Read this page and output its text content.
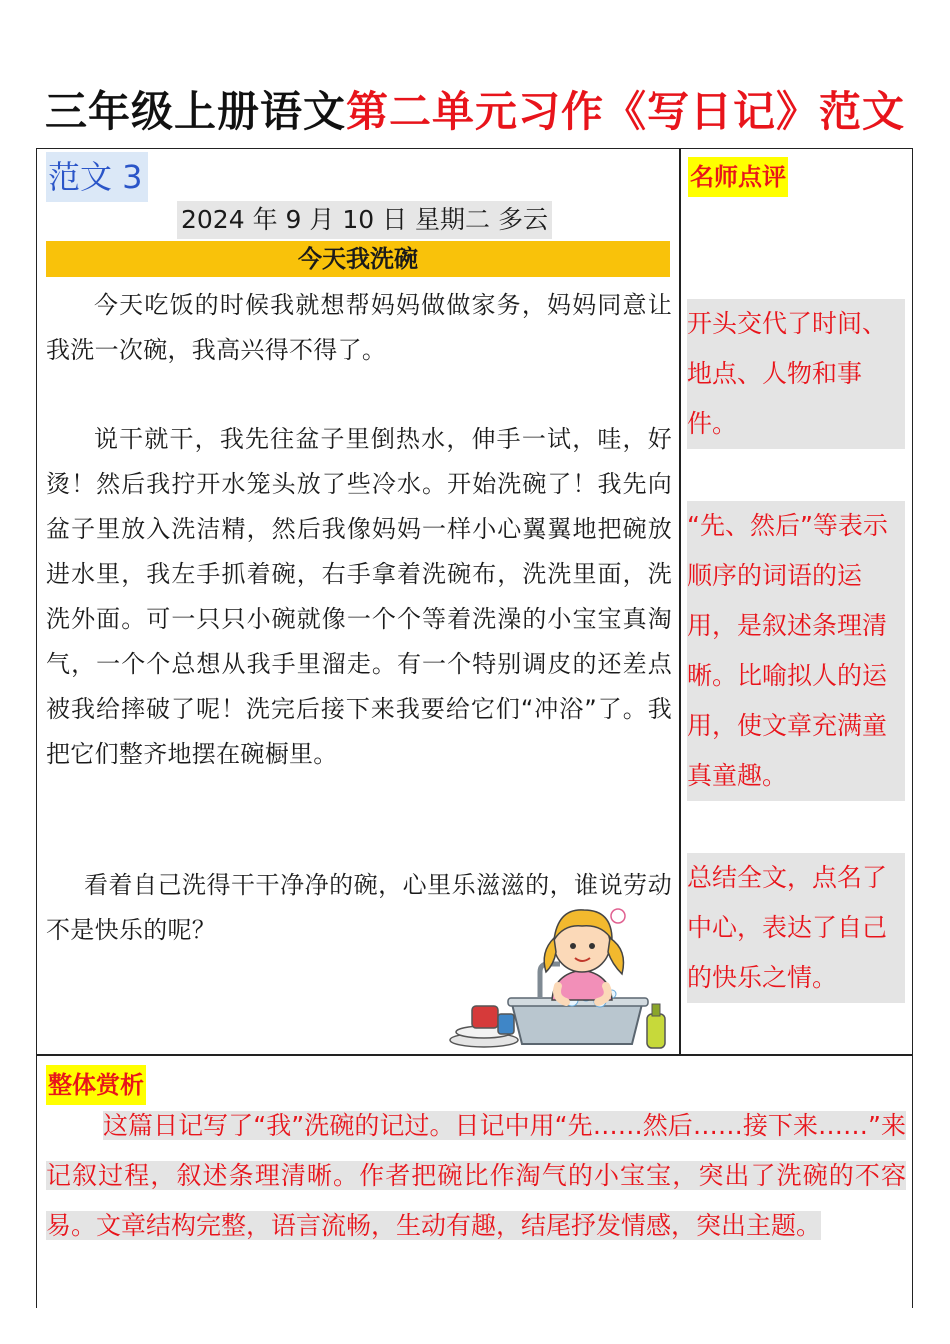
三年级上册语文第二单元习作《写日记》范文
范文 3
2024 年 9 月 10 日 星期二 多云
今天我洗碗

今天吃饭的时候我就想帮妈妈做做家务，妈妈同意让我洗一次碗，我高兴得不得了。

说干就干，我先往盆子里倒热水，伸手一试，哇，好烫！然后我拧开水笼头放了些冷水。开始洗碗了！我先向盆子里放入洗洁精，然后我像妈妈一样小心翼翼地把碗放进水里，我左手抓着碗，右手拿着洗碗布，洗洗里面，洗洗外面。可一只只小碗就像一个个等着洗澡的小宝宝真淘气，一个个总想从我手里溜走。有一个特别调皮的还差点被我给摔破了呢！洗完后接下来我要给它们“冲浴”了。我把它们整齐地摆在碗橱里。

看着自己洗得干干净净的碗，心里乐滋滋的，谁说劳动不是快乐的呢？

名师点评

开头交代了时间、地点、人物和事件。

“先、然后”等表示顺序的词语的运用，是叙述条理清晰。比喻拟人的运用，使文章充满童真童趣。

总结全文，点名了中心，表达了自己的快乐之情。

整体赏析

这篇日记写了“我”洗碗的记过。日记中用“先……然后……接下来……”来记叙过程，叙述条理清晰。作者把碗比作淘气的小宝宝，突出了洗碗的不容易。文章结构完整，语言流畅，生动有趣，结尾抒发情感，突出主题。
